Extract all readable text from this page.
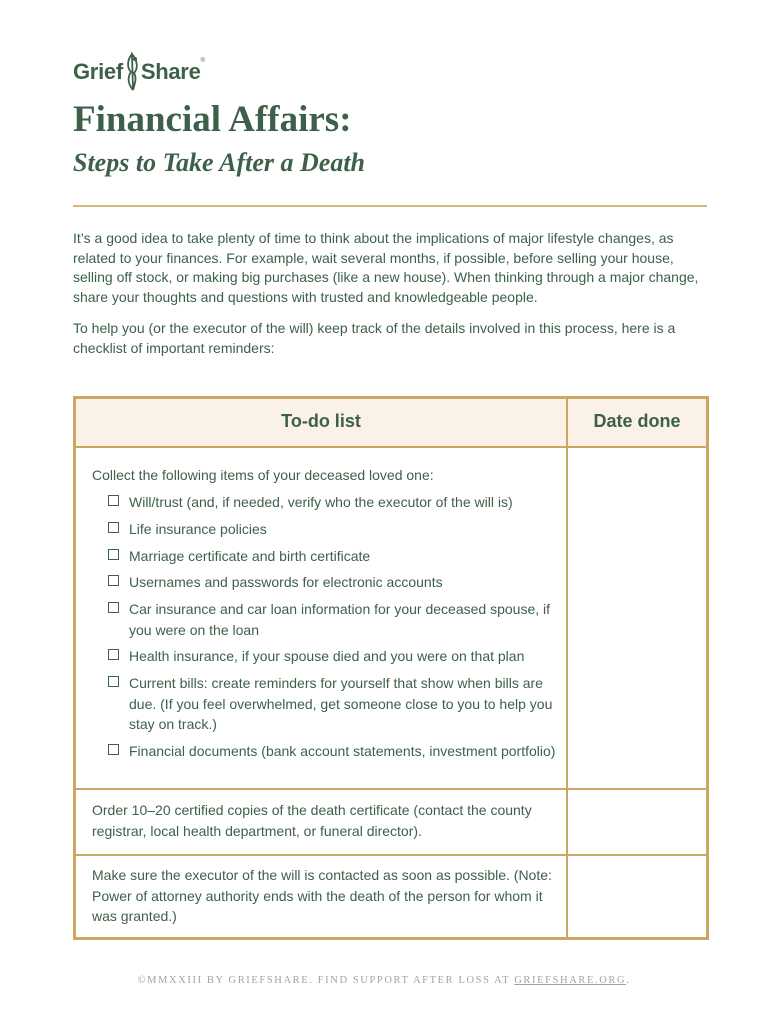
Grief Share ®
Financial Affairs:
Steps to Take After a Death

It’s a good idea to take plenty of time to think about the implications of major lifestyle changes, as related to your finances. For example, wait several months, if possible, before selling your house, selling off stock, or making big purchases (like a new house). When thinking through a major change, share your thoughts and questions with trusted and knowledgeable people.

To help you (or the executor of the will) keep track of the details involved in this process, here is a checklist of important reminders:

To-do list	Date done

Collect the following items of your deceased loved one:

Will/trust (and, if needed, verify who the executor of the will is)
Life insurance policies
Marriage certificate and birth certificate
Usernames and passwords for electronic accounts
Car insurance and car loan information for your deceased spouse, if you were on the loan
Health insurance, if your spouse died and you were on that plan
Current bills: create reminders for yourself that show when bills are due. (If you feel overwhelmed, get someone close to you to help you stay on track.)
Financial documents (bank account statements, investment portfolio)

Order 10–20 certified copies of the death certificate (contact the county registrar, local health department, or funeral director).

Make sure the executor of the will is contacted as soon as possible. (Note: Power of attorney authority ends with the death of the person for whom it was granted.)

©MMXXIII BY GRIEFSHARE. FIND SUPPORT AFTER LOSS AT GRIEFSHARE.ORG.
